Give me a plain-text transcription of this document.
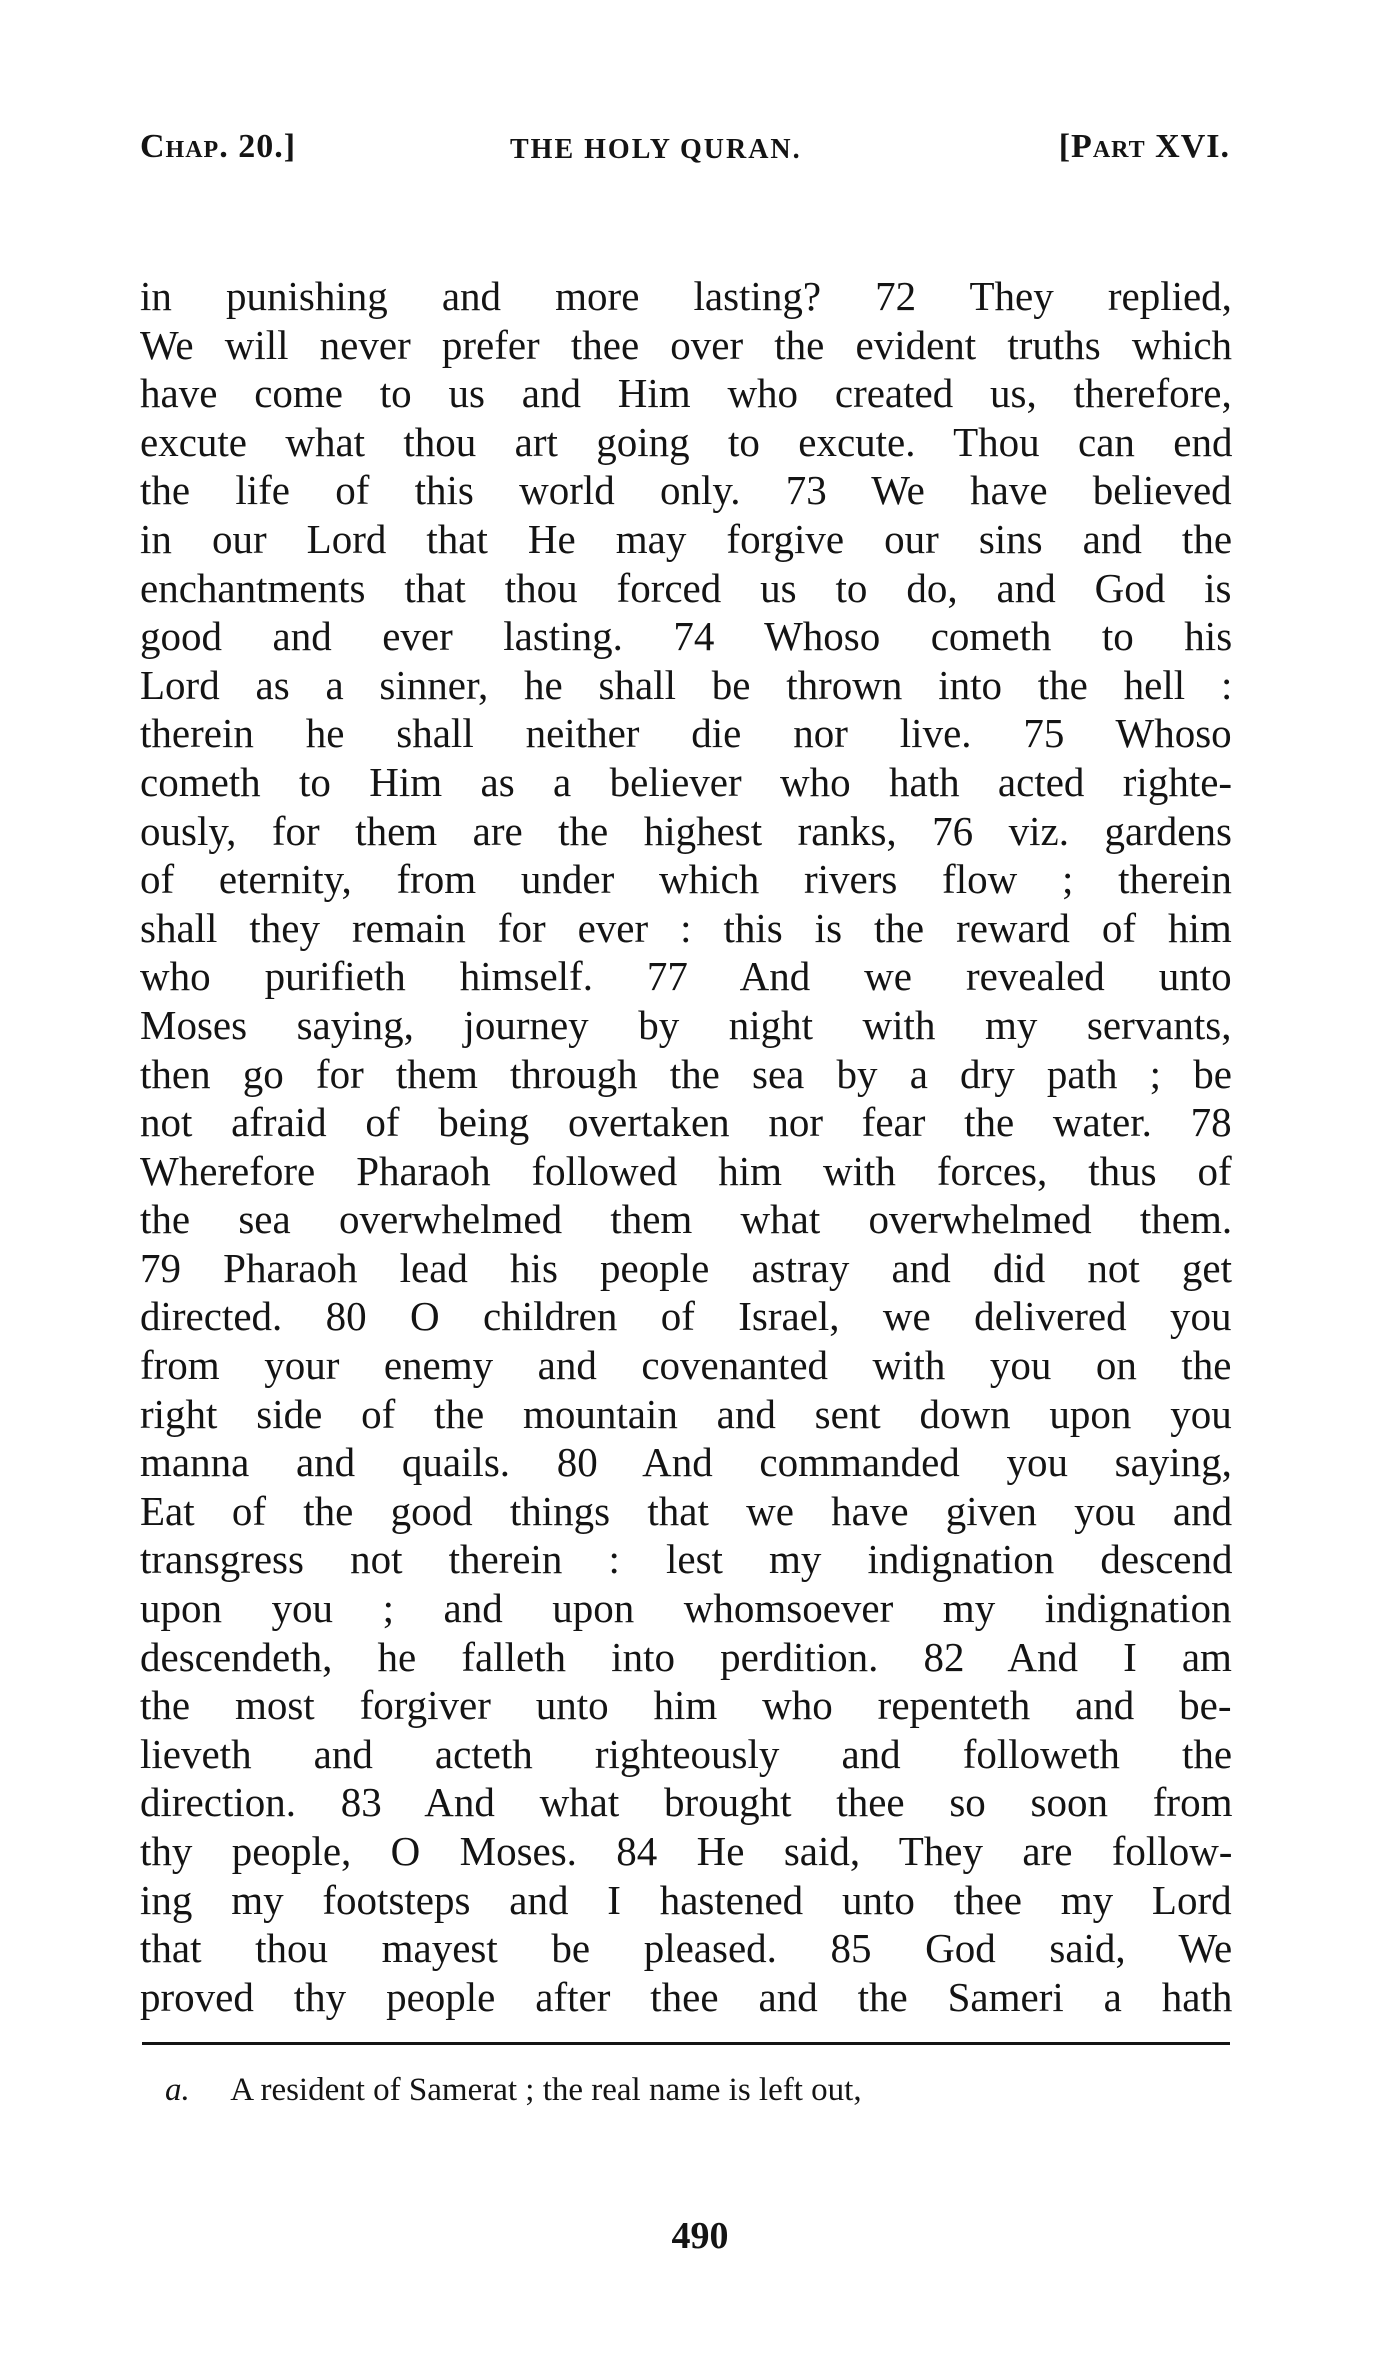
Chap. 20.]	THE HOLY QURAN.	[Part XVI.
in punishing and more lasting? 72 They replied,
We will never prefer thee over the evident truths which
have come to us and Him who created us, therefore,
excute what thou art going to excute. Thou can end
the life of this world only. 73 We have believed
in our Lord that He may forgive our sins and the
enchantments that thou forced us to do, and God is
good and ever lasting. 74 Whoso cometh to his
Lord as a sinner, he shall be thrown into the hell :
therein he shall neither die nor live. 75 Whoso
cometh to Him as a believer who hath acted righte-
ously, for them are the highest ranks, 76 viz. gardens
of eternity, from under which rivers flow ; therein
shall they remain for ever : this is the reward of him
who purifieth himself. 77 And we revealed unto
Moses saying, journey by night with my servants,
then go for them through the sea by a dry path ; be
not afraid of being overtaken nor fear the water. 78
Wherefore Pharaoh followed him with forces, thus of
the sea overwhelmed them what overwhelmed them.
79 Pharaoh lead his people astray and did not get
directed. 80 O children of Israel, we delivered you
from your enemy and covenanted with you on the
right side of the mountain and sent down upon you
manna and quails. 80 And commanded you saying,
Eat of the good things that we have given you and
transgress not therein : lest my indignation descend
upon you ; and upon whomsoever my indignation
descendeth, he falleth into perdition. 82 And I am
the most forgiver unto him who repenteth and be-
lieveth and acteth righteously and followeth the
direction. 83 And what brought thee so soon from
thy people, O Moses. 84 He said, They are follow-
ing my footsteps and I hastened unto thee my Lord
that thou mayest be pleased. 85 God said, We
proved thy people after thee and the Sameri a hath
a. A resident of Samerat ; the real name is left out,
490
